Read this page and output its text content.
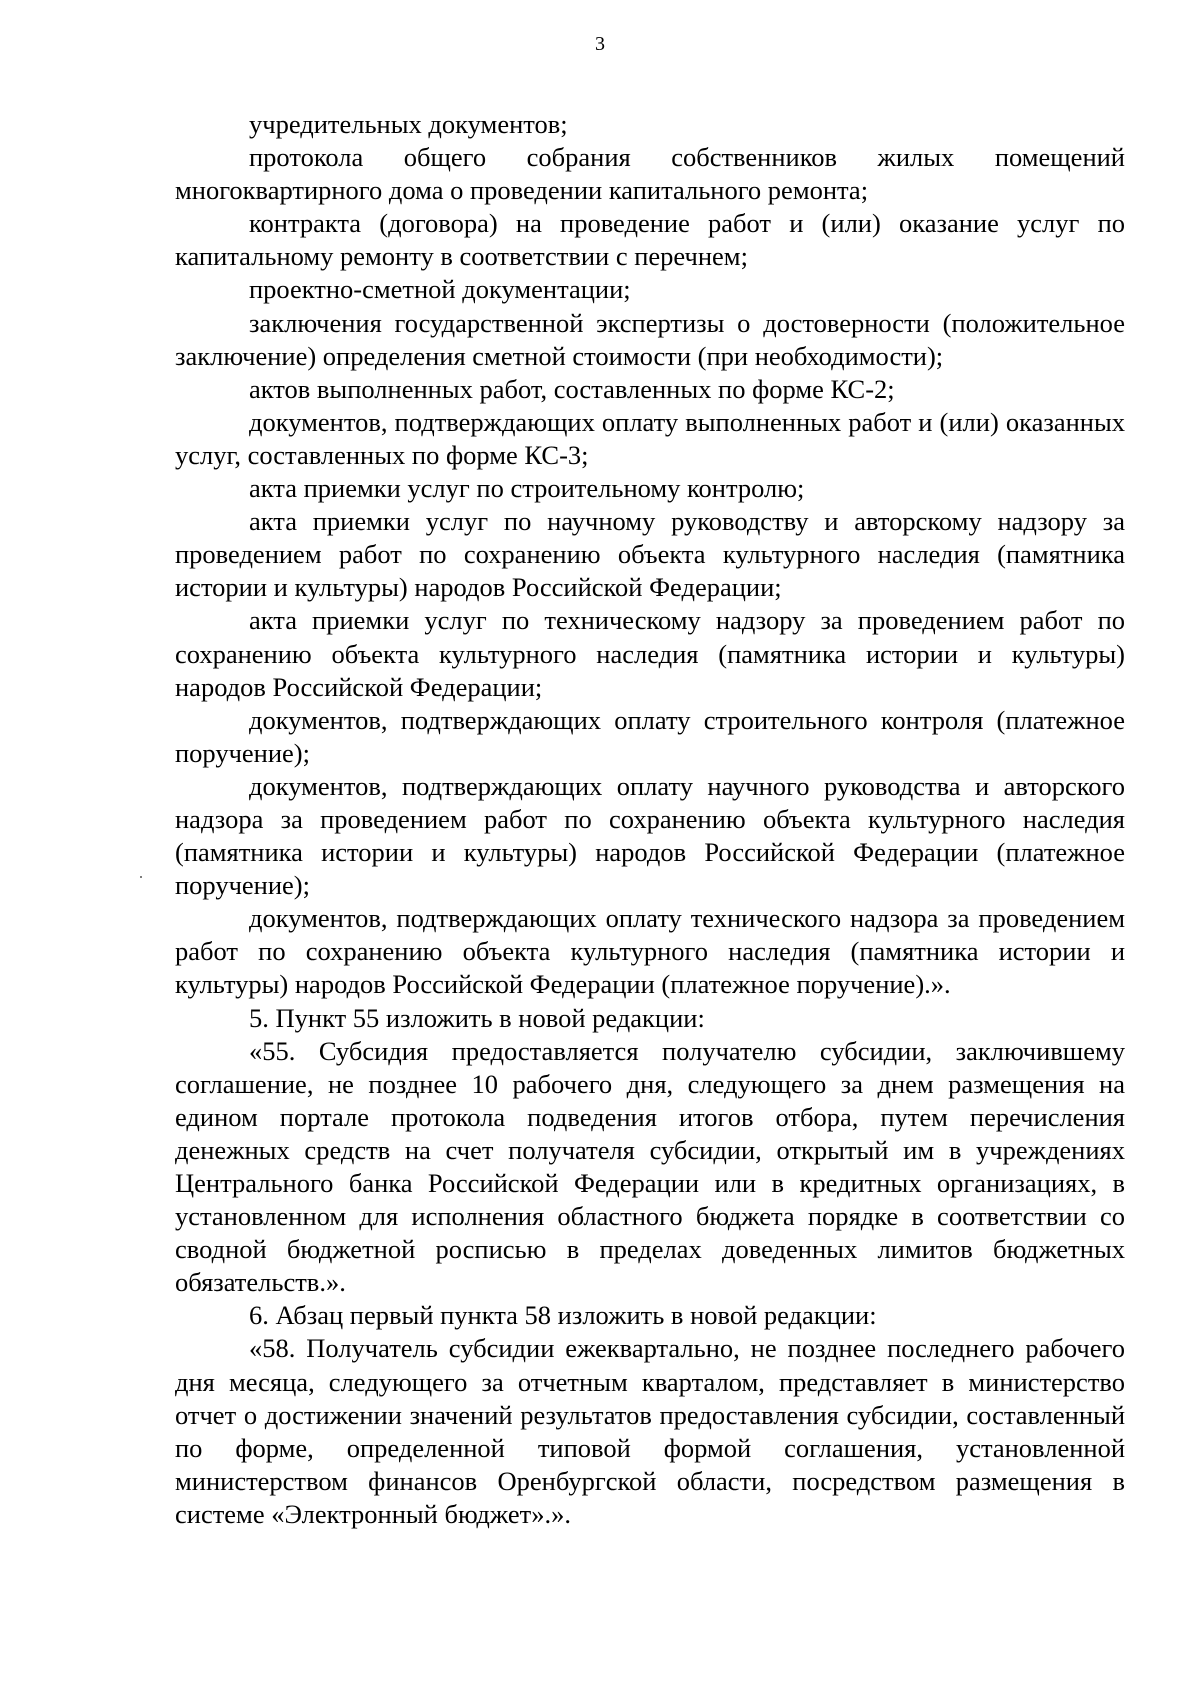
3

учредительных документов;

протокола общего собрания собственников жилых помещений многоквартирного дома о проведении капитального ремонта;

контракта (договора) на проведение работ и (или) оказание услуг по капитальному ремонту в соответствии с перечнем;

проектно-сметной документации;

заключения государственной экспертизы о достоверности (положительное заключение) определения сметной стоимости (при необходимости);

актов выполненных работ, составленных по форме КС-2;

документов, подтверждающих оплату выполненных работ и (или) оказанных услуг, составленных по форме КС-3;

акта приемки услуг по строительному контролю;

акта приемки услуг по научному руководству и авторскому надзору за проведением работ по сохранению объекта культурного наследия (памятника истории и культуры) народов Российской Федерации;

акта приемки услуг по техническому надзору за проведением работ по сохранению объекта культурного наследия (памятника истории и культуры) народов Российской Федерации;

документов, подтверждающих оплату строительного контроля (платежное поручение);

документов, подтверждающих оплату научного руководства и авторского надзора за проведением работ по сохранению объекта культурного наследия (памятника истории и культуры) народов Российской Федерации (платежное поручение);

документов, подтверждающих оплату технического надзора за проведением работ по сохранению объекта культурного наследия (памятника истории и культуры) народов Российской Федерации (платежное поручение).».

5. Пункт 55 изложить в новой редакции:

«55. Субсидия предоставляется получателю субсидии, заключившему соглашение, не позднее 10 рабочего дня, следующего за днем размещения на едином портале протокола подведения итогов отбора, путем перечисления денежных средств на счет получателя субсидии, открытый им в учреждениях Центрального банка Российской Федерации или в кредитных организациях, в установленном для исполнения областного бюджета порядке в соответствии со сводной бюджетной росписью в пределах доведенных лимитов бюджетных обязательств.».

6. Абзац первый пункта 58 изложить в новой редакции:

«58. Получатель субсидии ежеквартально, не позднее последнего рабочего дня месяца, следующего за отчетным кварталом, представляет в министерство отчет о достижении значений результатов предоставления субсидии, составленный по форме, определенной типовой формой соглашения, установленной министерством финансов Оренбургской области, посредством размещения в системе «Электронный бюджет».».
